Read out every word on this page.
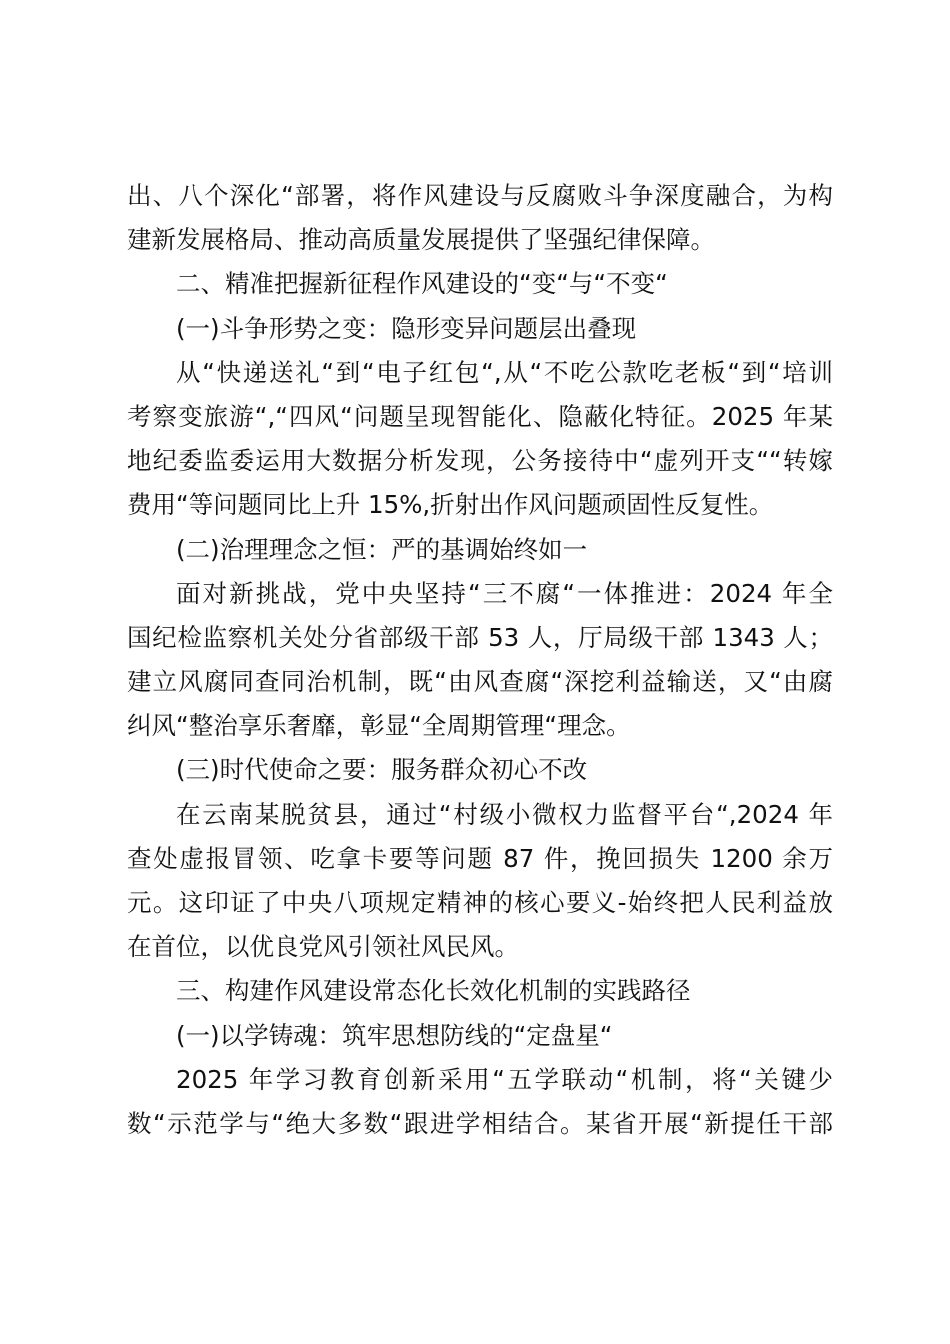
出、八个深化“部署，将作风建设与反腐败斗争深度融合，为构
建新发展格局、推动高质量发展提供了坚强纪律保障。
二、精准把握新征程作风建设的“变“与“不变“
(一)斗争形势之变：隐形变异问题层出叠现
从“快递送礼“到“电子红包“,从“不吃公款吃老板“到“培训
考察变旅游“,“四风“问题呈现智能化、隐蔽化特征。2025 年某
地纪委监委运用大数据分析发现，公务接待中“虚列开支““转嫁
费用“等问题同比上升 15%,折射出作风问题顽固性反复性。
(二)治理理念之恒：严的基调始终如一
面对新挑战，党中央坚持“三不腐“一体推进：2024 年全
国纪检监察机关处分省部级干部 53 人，厅局级干部 1343 人；
建立风腐同查同治机制，既“由风查腐“深挖利益输送，又“由腐
纠风“整治享乐奢靡，彰显“全周期管理“理念。
(三)时代使命之要：服务群众初心不改
在云南某脱贫县，通过“村级小微权力监督平台“,2024 年
查处虚报冒领、吃拿卡要等问题 87 件，挽回损失 1200 余万
元。这印证了中央八项规定精神的核心要义-始终把人民利益放
在首位，以优良党风引领社风民风。
三、构建作风建设常态化长效化机制的实践路径
(一)以学铸魂：筑牢思想防线的“定盘星“
2025 年学习教育创新采用“五学联动“机制，将“关键少
数“示范学与“绝大多数“跟进学相结合。某省开展“新提任干部
